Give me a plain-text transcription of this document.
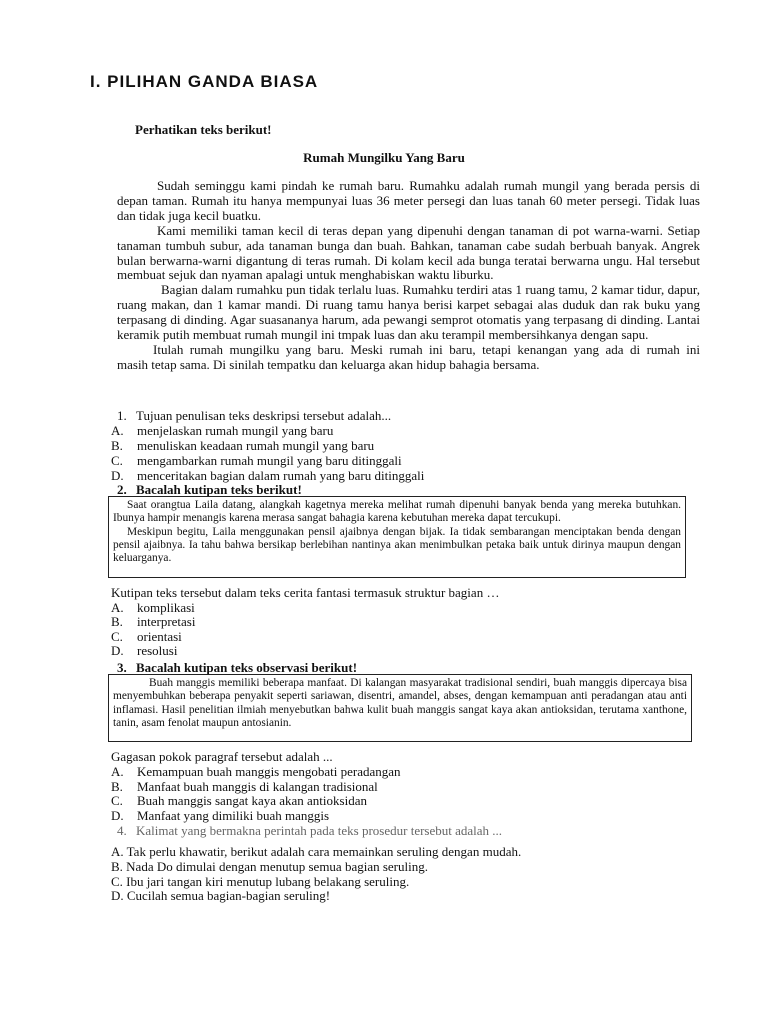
I. PILIHAN GANDA BIASA
Perhatikan teks berikut!
Rumah Mungilku Yang Baru

Sudah seminggu kami pindah ke rumah baru. Rumahku adalah rumah mungil yang berada persis di depan taman. Rumah itu hanya mempunyai luas 36 meter persegi dan luas tanah 60 meter persegi. Tidak luas dan tidak juga kecil buatku.

Kami memiliki taman kecil di teras depan yang dipenuhi dengan tanaman di pot warna-warni. Setiap tanaman tumbuh subur, ada tanaman bunga dan buah. Bahkan, tanaman cabe sudah berbuah banyak. Angrek bulan berwarna-warni digantung di teras rumah. Di kolam kecil ada bunga teratai berwarna ungu. Hal tersebut membuat sejuk dan nyaman apalagi untuk menghabiskan waktu liburku.

Bagian dalam rumahku pun tidak terlalu luas. Rumahku terdiri atas 1 ruang tamu, 2 kamar tidur, dapur, ruang makan, dan 1 kamar mandi. Di ruang tamu hanya berisi karpet sebagai alas duduk dan rak buku yang terpasang di dinding. Agar suasananya harum, ada pewangi semprot otomatis yang terpasang di dinding. Lantai keramik putih membuat rumah mungil ini tmpak luas dan aku terampil membersihkanya dengan sapu.

Itulah rumah mungilku yang baru. Meski rumah ini baru, tetapi kenangan yang ada di rumah ini      masih tetap sama. Di sinilah tempatku dan keluarga akan hidup bahagia bersama.

1. Tujuan penulisan teks deskripsi tersebut adalah...
A. menjelaskan rumah mungil yang baru
B. menuliskan keadaan rumah mungil yang baru
C. mengambarkan rumah mungil yang baru ditinggali
D. menceritakan bagian dalam rumah yang baru ditinggali
2. Bacalah kutipan teks berikut!

Saat orangtua Laila datang, alangkah kagetnya mereka melihat rumah dipenuhi banyak benda yang mereka butuhkan. Ibunya hampir menangis karena merasa sangat bahagia karena kebutuhan mereka dapat tercukupi.

Meskipun begitu, Laila menggunakan pensil ajaibnya dengan bijak. Ia tidak sembarangan menciptakan benda dengan pensil ajaibnya. Ia tahu bahwa bersikap berlebihan nantinya akan menimbulkan petaka baik untuk dirinya maupun dengan keluarganya.

Kutipan teks tersebut dalam teks cerita fantasi termasuk struktur bagian …
A. komplikasi
B. interpretasi
C. orientasi
D. resolusi
3. Bacalah kutipan teks observasi berikut!

Buah manggis memiliki beberapa manfaat. Di kalangan masyarakat tradisional sendiri, buah manggis dipercaya bisa menyembuhkan beberapa penyakit seperti sariawan, disentri, amandel, abses, dengan kemampuan anti peradangan atau anti inflamasi. Hasil penelitian ilmiah menyebutkan bahwa kulit buah manggis sangat kaya akan antioksidan, terutama xanthone, tanin, asam fenolat maupun antosianin.

Gagasan pokok paragraf tersebut adalah ...
A. Kemampuan buah manggis mengobati peradangan
B. Manfaat buah manggis di kalangan tradisional
C. Buah manggis sangat kaya akan antioksidan
D. Manfaat yang dimiliki buah manggis
4. Kalimat yang bermakna perintah pada teks prosedur tersebut adalah ...
A. Tak perlu khawatir, berikut adalah cara memainkan seruling dengan mudah.
B. Nada Do dimulai dengan menutup semua bagian seruling.
C. Ibu jari tangan kiri menutup lubang belakang seruling.
D. Cucilah semua bagian-bagian seruling!
